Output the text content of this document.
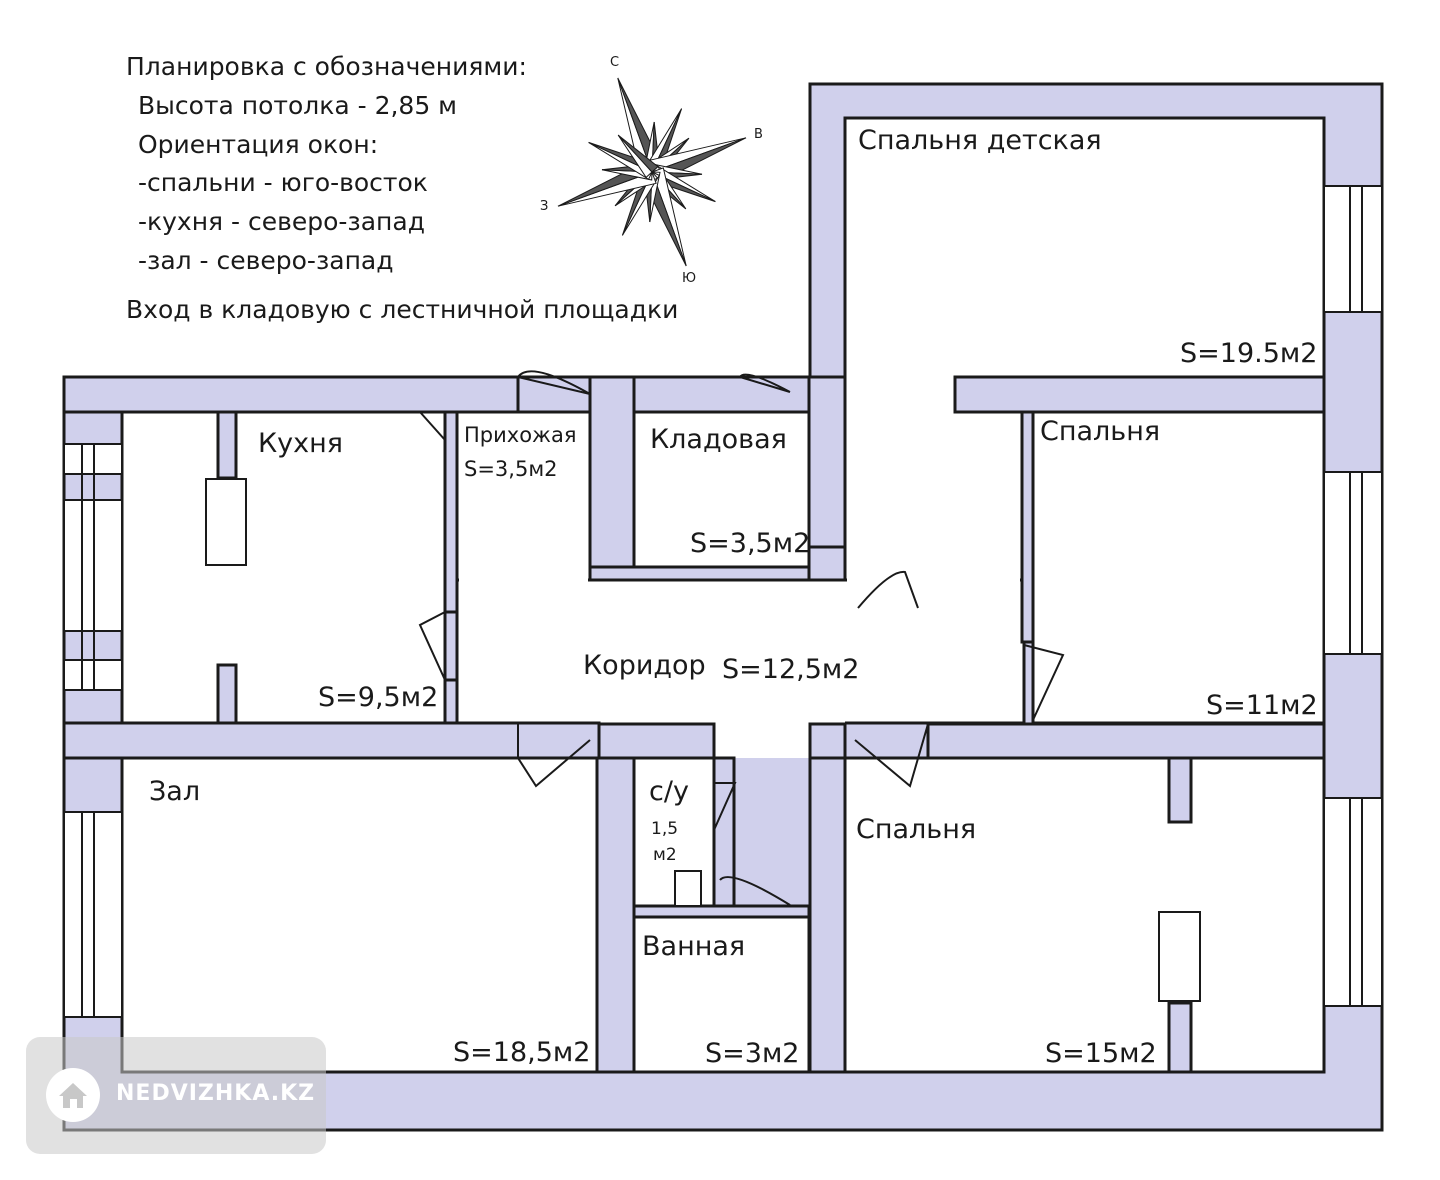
Кухня
S=9,5м2
Прихожая
S=3,5м2
Кладовая
S=3,5м2
Спальня детская
S=19.5м2
Спальня
S=11м2
Коридор S=12,5м2
Зал
S=18,5м2
с/у
1,5
м2
Ванная
S=3м2
Спальня
S=15м2
С
В
Ю
З
Планировка с обозначениями:
Высота потолка - 2,85 м
Ориентация окон:
-спальни - юго-восток
-кухня - северо-запад
-зал - северо-запад
Вход в кладовую с лестничной площадки
NEDVIZHKA.KZ
